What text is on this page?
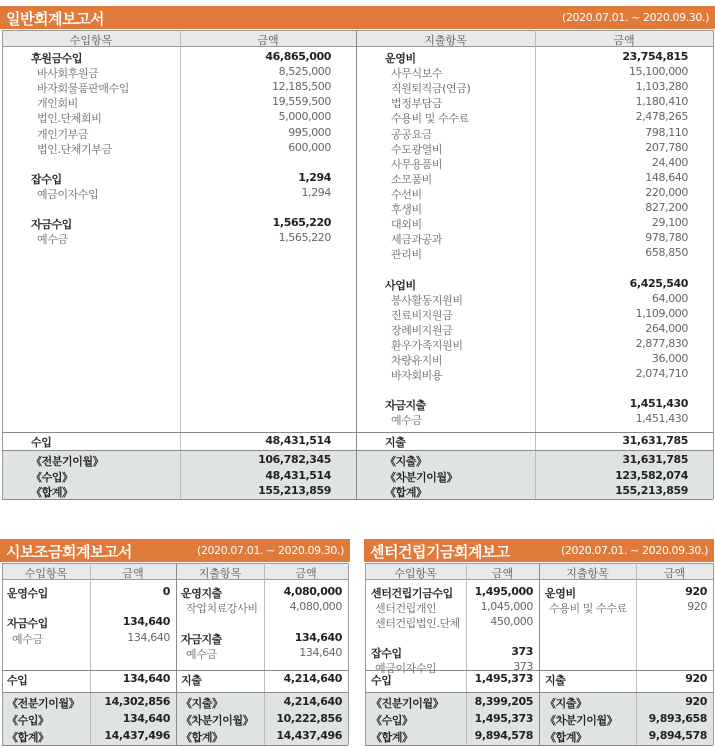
일반회계보고서	(2020.07.01. ~ 2020.09.30.)
수입항목	금액	지출항목	금액
후원금수입	46,865,000
바사회후원금	8,525,000
바자회물품판매수입	12,185,500
개인회비	19,559,500
법인.단체회비	5,000,000
개인기부금	995,000
법인.단체기부금	600,000
잡수입	1,294
예금이자수입	1,294
자금수입	1,565,220
예수금	1,565,220
운영비	23,754,815
사무식보수	15,100,000
직원퇴직금(연금)	1,103,280
법정부담금	1,180,410
수용비 및 수수료	2,478,265
공공요금	798,110
수도광열비	207,780
사무용품비	24,400
소모품비	148,640
수선비	220,000
후생비	827,200
대외비	29,100
세금과공과	978,780
관리비	658,850
사업비	6,425,540
봉사활동지원비	64,000
진료비지원금	1,109,000
장례비지원금	264,000
환우가족지원비	2,877,830
차량유지비	36,000
바자회비용	2,074,710
자금지출	1,451,430
예수금	1,451,430
수입	48,431,514	지출	31,631,785
《전분기이월》	106,782,345
《수입》	48,431,514
《합계》	155,213,859
《지출》	31,631,785
《차분기이월》	123,582,074
《합계》	155,213,859
시보조금회계보고서	(2020.07.01. ~ 2020.09.30.)
수입항목	금액	지출항목	금액
운영수입	0
자금수입	134,640
예수금	134,640
운영지출	4,080,000
작업치료강사비	4,080,000
자금지출	134,640
예수금	134,640
수입	134,640 지출	4,214,640
《전분기이월》	14,302,856
《수입》	134,640
《합계》	14,437,496
《지출》	4,214,640
《차분기이월》	10,222,856
《합계》	14,437,496
센터건립기금회계보고	(2020.07.01. ~ 2020.09.30.)
수입항목	금액	지출항목	금액
센터건립기금수입	1,495,000
센터건립개인	1,045,000
센터건립법인.단체	450,000
잡수입	373
예금이자수입	373
운영비	920
수용비 및 수수료	920
수입	1,495,373 지출	920
《진분기이월》	8,399,205
《수입》	1,495,373
《합계》	9,894,578
《지출》	920
《차분기이월》	9,893,658
《합계》	9,894,578
